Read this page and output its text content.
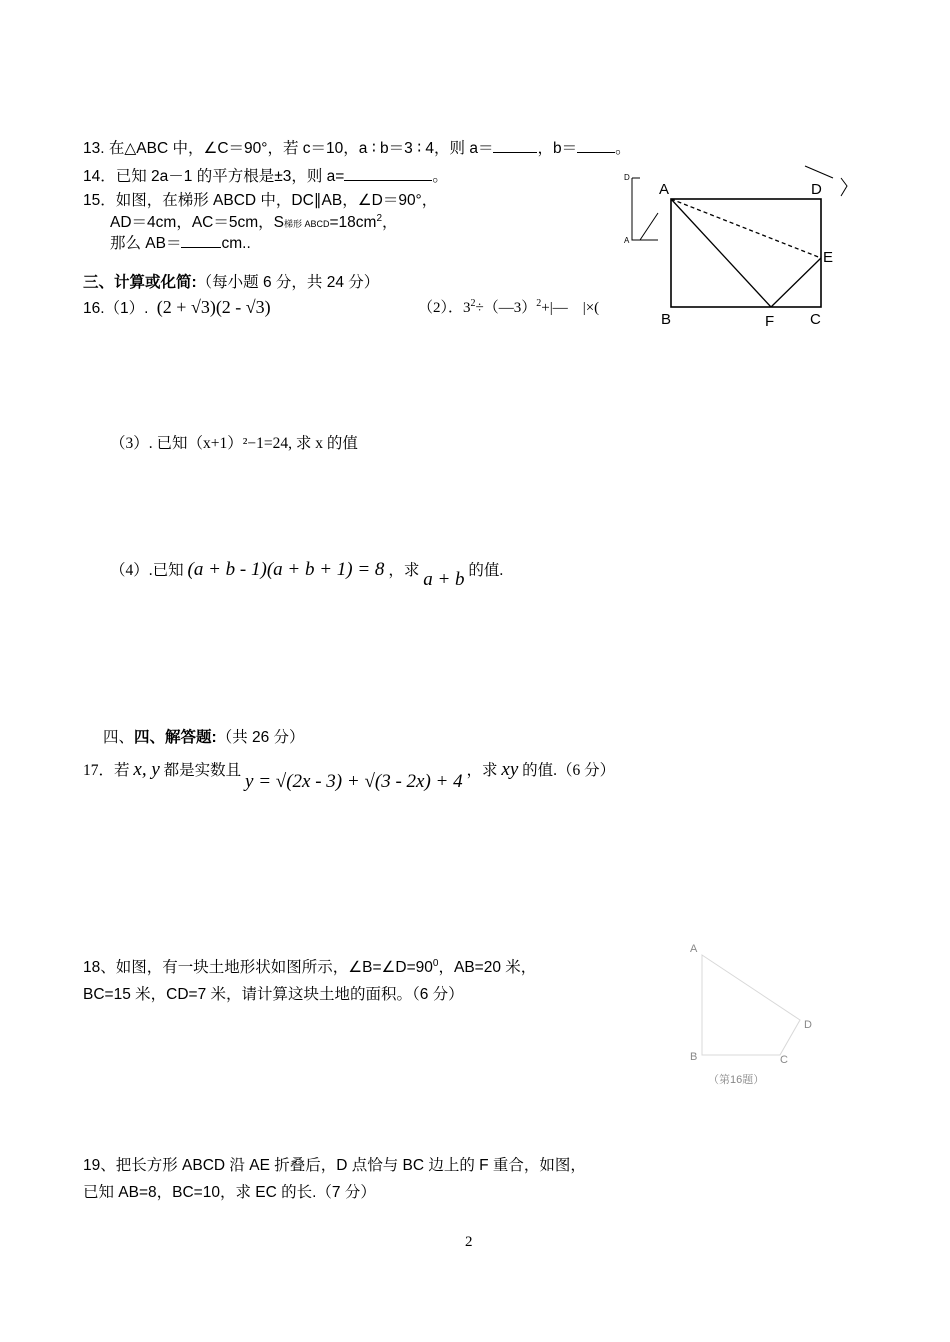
13. 在△ABC 中，∠C＝90°，若 c＝10，a ∶ b＝3 ∶ 4，则 a＝	，b＝ 。
14．已知 2a－1 的平方根是±3，则 a=	。
15．如图，在梯形 ABCD 中，DC∥AB，∠D＝90°，
AD＝4cm，AC＝5cm，S梯形 $ABCD=18cm^2$，
那么 AB＝	cm..
D
A
A	D
E
B	F C
三、计算或化简:（每小题 6 分，共 24 分）
16.（1）. (2 + √3)(2 - √3)	（2）．$3^2\div(—3)^2+|—$　|×(
（3）. 已知（x+1）²−1=24, 求 x 的值
（4）.已知 (a + b - 1)(a + b + 1) = 8 ，求 a + b 的值.
四、四、解答题:（共 26 分）
17．若 x, y 都是实数且 y = √(2x - 3) + √(3 - 2x) + 4 ，求 xy 的值.（6 分）
18、如图，有一块土地形状如图所示，$\angle B=\angle D=90^0$，AB=20 米，
BC=15 米，CD=7 米，请计算这块土地的面积。（6 分）
A
D
B	C
（第16题）
19、把长方形 ABCD 沿 AE 折叠后，D 点恰与 BC 边上的 F 重合，如图，
已知 AB=8，BC=10，求 EC 的长.（7 分）
2
